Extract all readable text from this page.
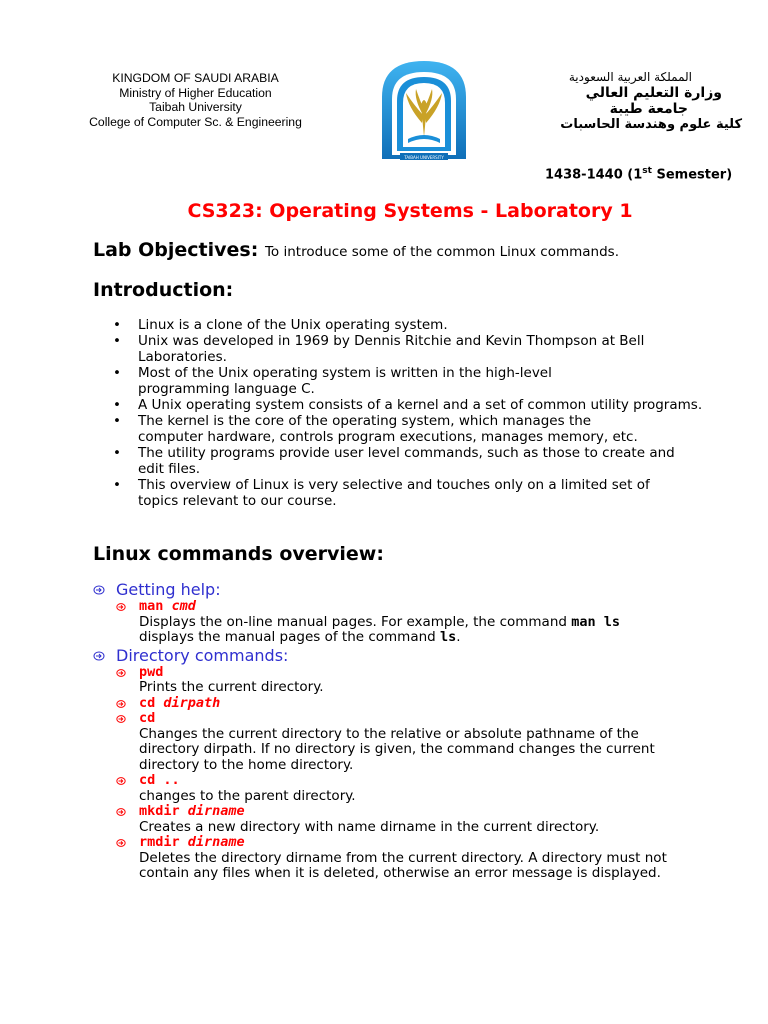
KINGDOM OF SAUDI ARABIA
Ministry of Higher Education
Taibah University
College of Computer Sc. & Engineering
TAIBAH UNIVERSITY
المملكة العربية السعودية
وزارة التعليم العالي
جامعة طيبة
كلية علوم وهندسة الحاسبات
1438-1440 (1st Semester)
CS323: Operating Systems - Laboratory 1
Lab Objectives: To introduce some of the common Linux commands.
Introduction:
• Linux is a clone of the Unix operating system.
• Unix was developed in 1969 by Dennis Ritchie and Kevin Thompson at Bell Laboratories.
• Most of the Unix operating system is written in the high-level programming language C.
• A Unix operating system consists of a kernel and a set of common utility programs.
• The kernel is the core of the operating system, which manages the computer hardware, controls program executions, manages memory, etc.
• The utility programs provide user level commands, such as those to create and edit files.
• This overview of Linux is very selective and touches only on a limited set of topics relevant to our course.
Linux commands overview:
Getting help:
man cmd
Displays the on-line manual pages. For example, the command man ls
displays the manual pages of the command ls.
Directory commands:
pwd
Prints the current directory.
cd dirpath
cd
Changes the current directory to the relative or absolute pathname of the directory dirpath. If no directory is given, the command changes the current directory to the home directory.
cd ..
changes to the parent directory.
mkdir dirname
Creates a new directory with name dirname in the current directory.
rmdir dirname
Deletes the directory dirname from the current directory. A directory must not contain any files when it is deleted, otherwise an error message is displayed.
